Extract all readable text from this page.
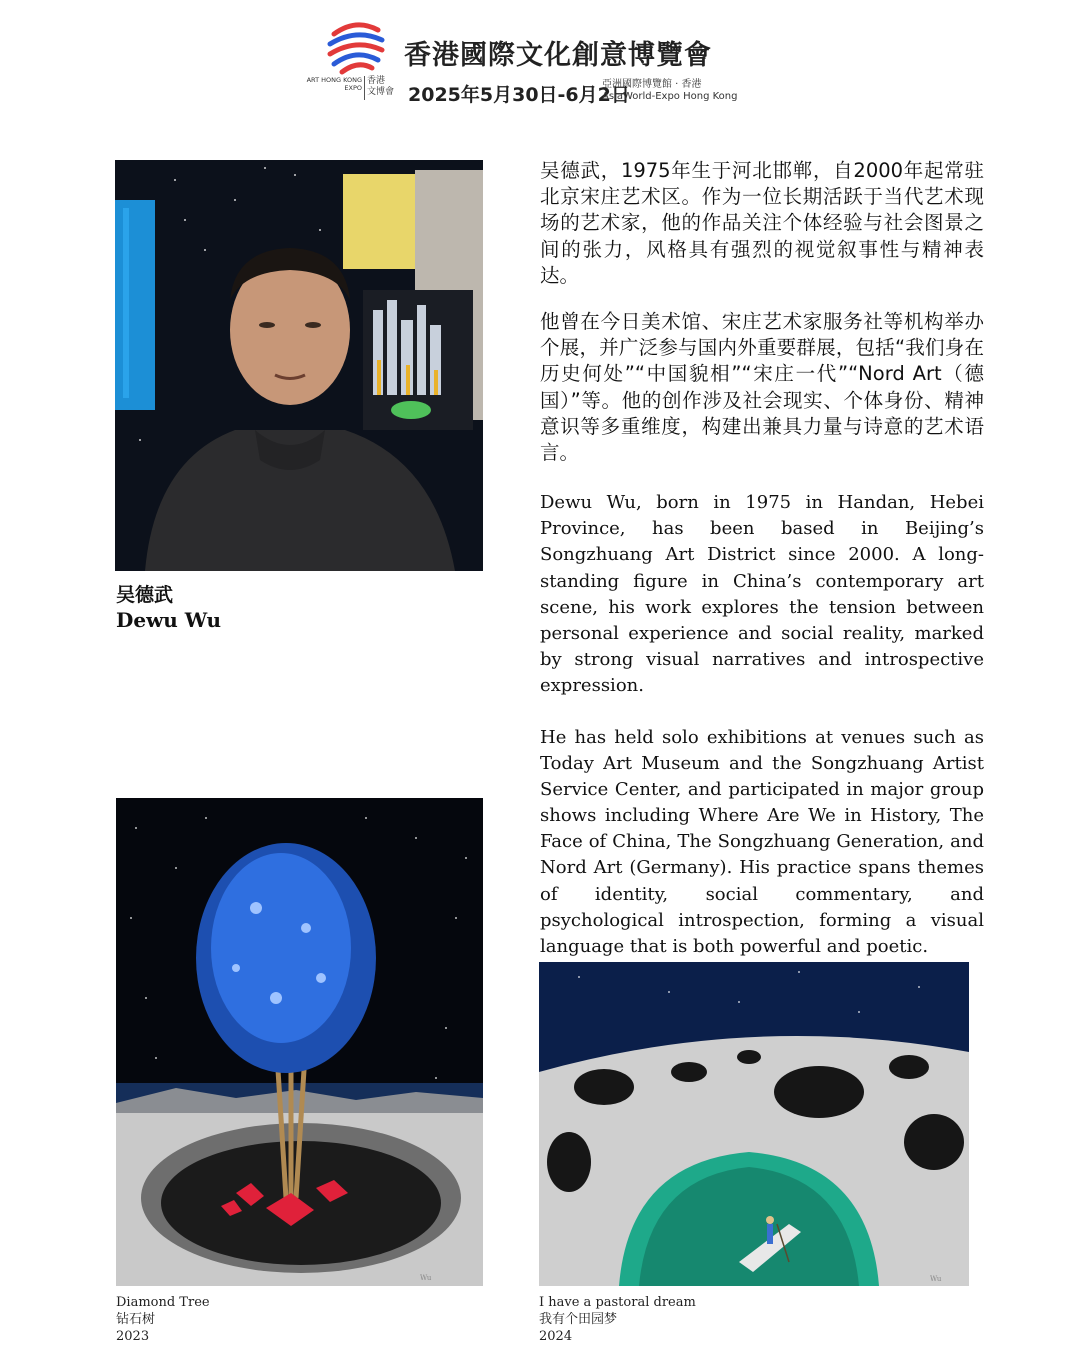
香港國際文化創意博覽會
ART HONG KONG
EXPO
香港
文博會 2025年5月30日-6月2日
亞洲國際博覽館 · 香港
AsiaWorld-Expo Hong Kong
吴德武
Dewu Wu

吴德武，1975年生于河北邯郸，自2000年起常驻北京宋庄艺术区。作为一位长期活跃于当代艺术现场的艺术家，他的作品关注个体经验与社会图景之间的张力，风格具有强烈的视觉叙事性与精神表达。

他曾在今日美术馆、宋庄艺术家服务社等机构举办个展，并广泛参与国内外重要群展，包括“我们身在历史何处”“中国貌相”“宋庄一代”“Nord Art（德国）”等。他的创作涉及社会现实、个体身份、精神意识等多重维度，构建出兼具力量与诗意的艺术语言。

Dewu Wu, born in 1975 in Handan, Hebei Province, has been based in Beijing’s Songzhuang Art District since 2000. A long-standing figure in China’s contemporary art scene, his work explores the tension between personal experience and social reality, marked by strong visual narratives and introspective expression.

He has held solo exhibitions at venues such as Today Art Museum and the Songzhuang Artist Service Center, and participated in major group shows including Where Are We in History, The Face of China, The Songzhuang Generation, and Nord Art (Germany). His practice spans themes of identity, social commentary, and psychological introspection, forming a visual language that is both powerful and poetic.

Wu	Wu
Diamond Tree
钻石树
2023
I have a pastoral dream
我有个田园梦
2024
